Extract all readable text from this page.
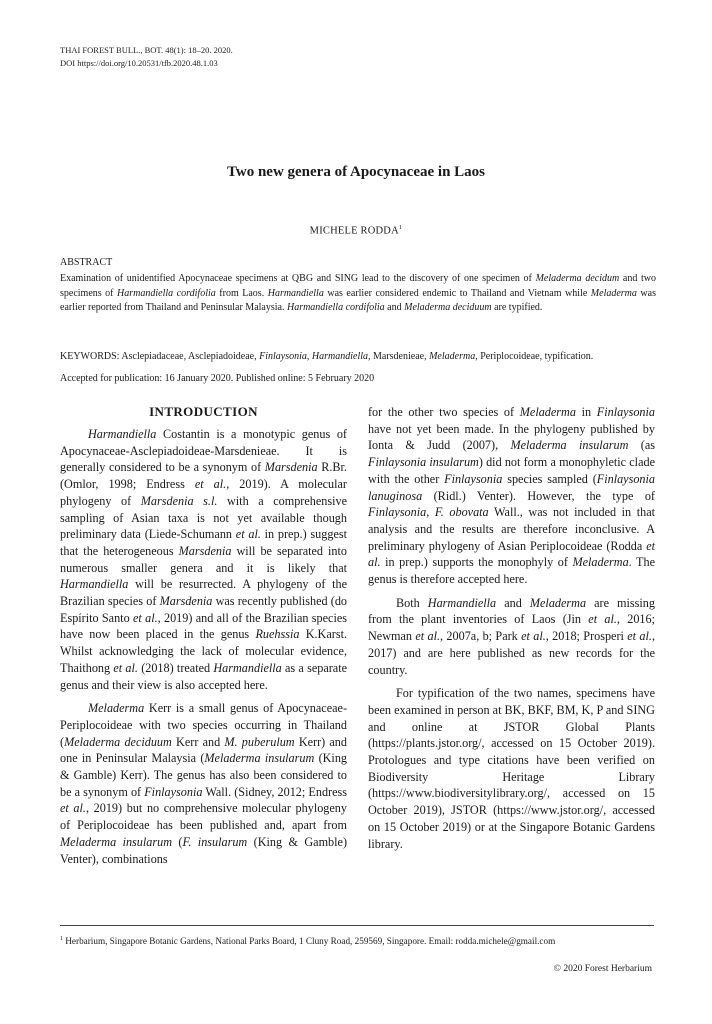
THAI FOREST BULL., BOT. 48(1): 18–20. 2020.
DOI https://doi.org/10.20531/tfb.2020.48.1.03
Two new genera of Apocynaceae in Laos
MICHELE RODDA$^1$
ABSTRACT
Examination of unidentified Apocynaceae specimens at QBG and SING lead to the discovery of one specimen of Meladerma decidum and two specimens of Harmandiella cordifolia from Laos. Harmandiella was earlier considered endemic to Thailand and Vietnam while Meladerma was earlier reported from Thailand and Peninsular Malaysia. Harmandiella cordifolia and Meladerma deciduum are typified.
KEYWORDS: Asclepiadaceae, Asclepiadoideae, Finlaysonia, Harmandiella, Marsdenieae, Meladerma, Periplocoideae, typification.
Accepted for publication: 16 January 2020. Published online: 5 February 2020
INTRODUCTION

Harmandiella Costantin is a monotypic genus of Apocynaceae-Asclepiadoideae-Marsdenieae. It is generally considered to be a synonym of Marsdenia R.Br. (Omlor, 1998; Endress et al., 2019). A molecular phylogeny of Marsdenia s.l. with a comprehensive sampling of Asian taxa is not yet available though preliminary data (Liede-Schumann et al. in prep.) suggest that the heterogeneous Marsdenia will be separated into numerous smaller genera and it is likely that Harmandiella will be resurrected. A phylogeny of the Brazilian species of Marsdenia was recently published (do Espírito Santo et al., 2019) and all of the Brazilian species have now been placed in the genus Ruehssia K.Karst. Whilst acknowledging the lack of molecular evidence, Thaithong et al. (2018) treated Harmandiella as a separate genus and their view is also accepted here.

Meladerma Kerr is a small genus of Apocynaceae-Periplocoideae with two species occurring in Thailand (Meladerma deciduum Kerr and M. puberulum Kerr) and one in Peninsular Malaysia (Meladerma insularum (King & Gamble) Kerr). The genus has also been considered to be a synonym of Finlaysonia Wall. (Sidney, 2012; Endress et al., 2019) but no comprehensive molecular phylogeny of Periplocoideae has been published and, apart from Meladerma insularum (F. insularum (King & Gamble) Venter), combinations

for the other two species of Meladerma in Finlaysonia have not yet been made. In the phylogeny published by Ionta & Judd (2007), Meladerma insularum (as Finlaysonia insularum) did not form a monophyletic clade with the other Finlaysonia species sampled (Finlaysonia lanuginosa (Ridl.) Venter). However, the type of Finlaysonia, F. obovata Wall., was not included in that analysis and the results are therefore inconclusive. A preliminary phylogeny of Asian Periplocoideae (Rodda et al. in prep.) supports the monophyly of Meladerma. The genus is therefore accepted here.

Both Harmandiella and Meladerma are missing from the plant inventories of Laos (Jin et al., 2016; Newman et al., 2007a, b; Park et al., 2018; Prosperi et al., 2017) and are here published as new records for the country.

For typification of the two names, specimens have been examined in person at BK, BKF, BM, K, P and SING and online at JSTOR Global Plants (https://plants.jstor.org/, accessed on 15 October 2019). Protologues and type citations have been verified on Biodiversity Heritage Library (https://www.biodiversitylibrary.org/, accessed on 15 October 2019), JSTOR (https://www.jstor.org/, accessed on 15 October 2019) or at the Singapore Botanic Gardens library.

$^1$ Herbarium, Singapore Botanic Gardens, National Parks Board, 1 Cluny Road, 259569, Singapore. Email: rodda.michele@gmail.com
© 2020 Forest Herbarium
